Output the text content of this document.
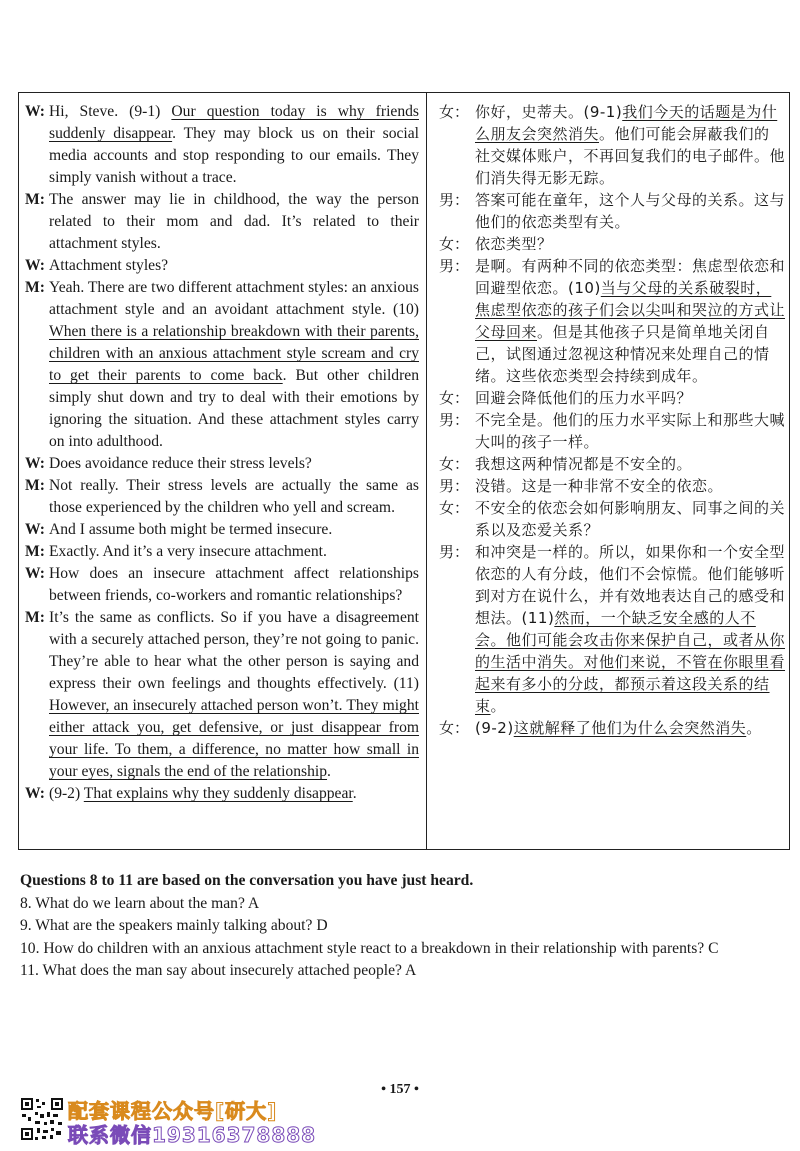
W: Hi, Steve. (9-1) Our question today is why friends suddenly disappear. They may block us on their social media accounts and stop responding to our emails. They simply vanish without a trace.
M: The answer may lie in childhood, the way the person related to their mom and dad. It’s related to their attachment styles.
W: Attachment styles?
M: Yeah. There are two different attachment styles: an anxious attachment style and an avoidant attachment style. (10) When there is a relationship breakdown with their parents, children with an anxious attachment style scream and cry to get their parents to come back. But other children simply shut down and try to deal with their emotions by ignoring the situation. And these attachment styles carry on into adulthood.
W: Does avoidance reduce their stress levels?
M: Not really. Their stress levels are actually the same as those experienced by the children who yell and scream.
W: And I assume both might be termed insecure.
M: Exactly. And it’s a very insecure attachment.
W: How does an insecure attachment affect relationships between friends, co-workers and romantic relationships?
M: It’s the same as conflicts. So if you have a disagreement with a securely attached person, they’re not going to panic. They’re able to hear what the other person is saying and express their own feelings and thoughts effectively. (11) However, an insecurely attached person won’t. They might either attack you, get defensive, or just disappear from your life. To them, a difference, no matter how small in your eyes, signals the end of the relationship.
W: (9-2) That explains why they suddenly disappear.
女： 你好，史蒂夫。(9-1)我们今天的话题是为什么朋友会突然消失。他们可能会屏蔽我们的社交媒体账户，不再回复我们的电子邮件。他们消失得无影无踪。
男： 答案可能在童年，这个人与父母的关系。这与他们的依恋类型有关。
女： 依恋类型？
男： 是啊。有两种不同的依恋类型：焦虑型依恋和回避型依恋。(10)当与父母的关系破裂时，焦虑型依恋的孩子们会以尖叫和哭泣的方式让父母回来。但是其他孩子只是简单地关闭自己，试图通过忽视这种情况来处理自己的情绪。这些依恋类型会持续到成年。
女： 回避会降低他们的压力水平吗？
男： 不完全是。他们的压力水平实际上和那些大喊大叫的孩子一样。
女： 我想这两种情况都是不安全的。
男： 没错。这是一种非常不安全的依恋。
女： 不安全的依恋会如何影响朋友、同事之间的关系以及恋爱关系？
男： 和冲突是一样的。所以，如果你和一个安全型依恋的人有分歧，他们不会惊慌。他们能够听到对方在说什么，并有效地表达自己的感受和想法。(11)然而，一个缺乏安全感的人不会。他们可能会攻击你来保护自己，或者从你的生活中消失。对他们来说，不管在你眼里看起来有多小的分歧，都预示着这段关系的结束。
女： (9-2)这就解释了他们为什么会突然消失。
Questions 8 to 11 are based on the conversation you have just heard.
8. What do we learn about the man? A
9. What are the speakers mainly talking about? D
10. How do children with an anxious attachment style react to a breakdown in their relationship with parents? C
11. What does the man say about insecurely attached people? A
• 157 •
配套课程公众号[研大]
联系微信19316378888
